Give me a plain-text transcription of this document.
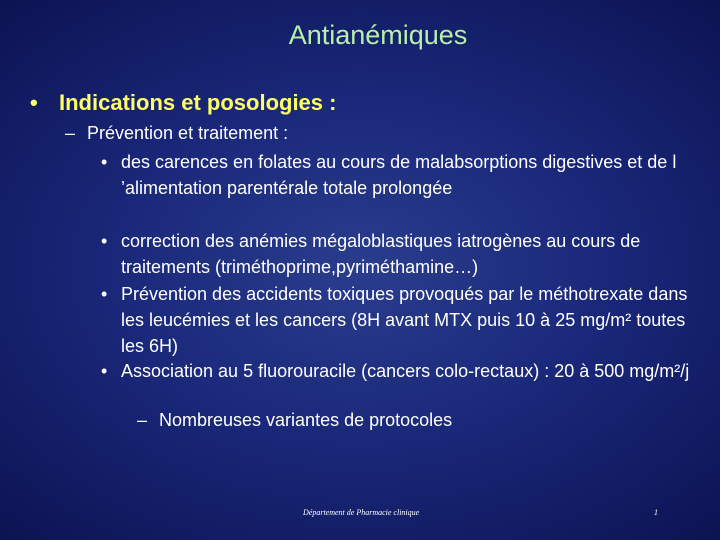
Antianémiques
• Indications et posologies :
– Prévention et traitement :
• des carences en folates au cours de malabsorptions digestives et de l ’alimentation parentérale totale prolongée
• correction des anémies mégaloblastiques iatrogènes au cours de traitements (triméthoprime,pyriméthamine…)
• Prévention des accidents toxiques provoqués par le méthotrexate dans les leucémies et les cancers (8H avant MTX puis 10 à 25 mg/m² toutes les 6H)
• Association au 5 fluorouracile (cancers colo-rectaux) : 20 à 500 mg/m²/j
– Nombreuses variantes de protocoles
Département de Pharmacie clinique	1
